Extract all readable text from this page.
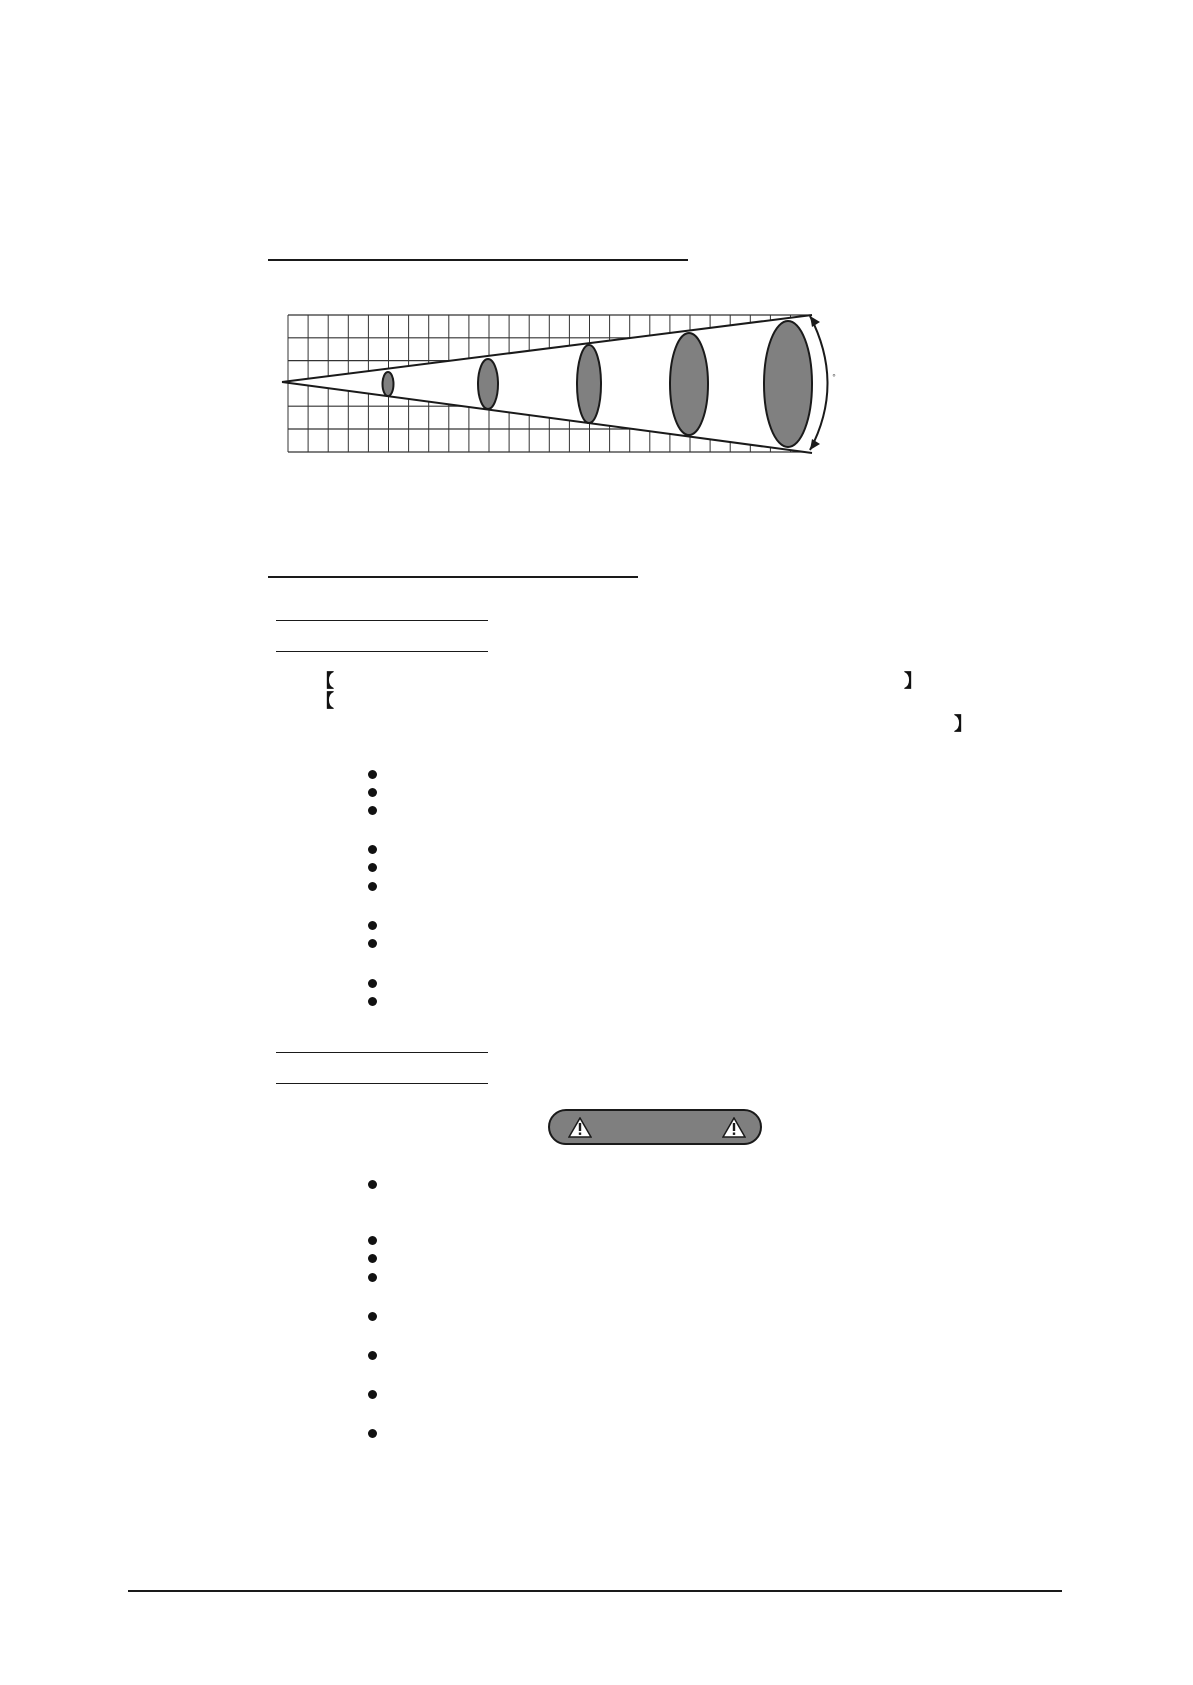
°
【	】
【
】
